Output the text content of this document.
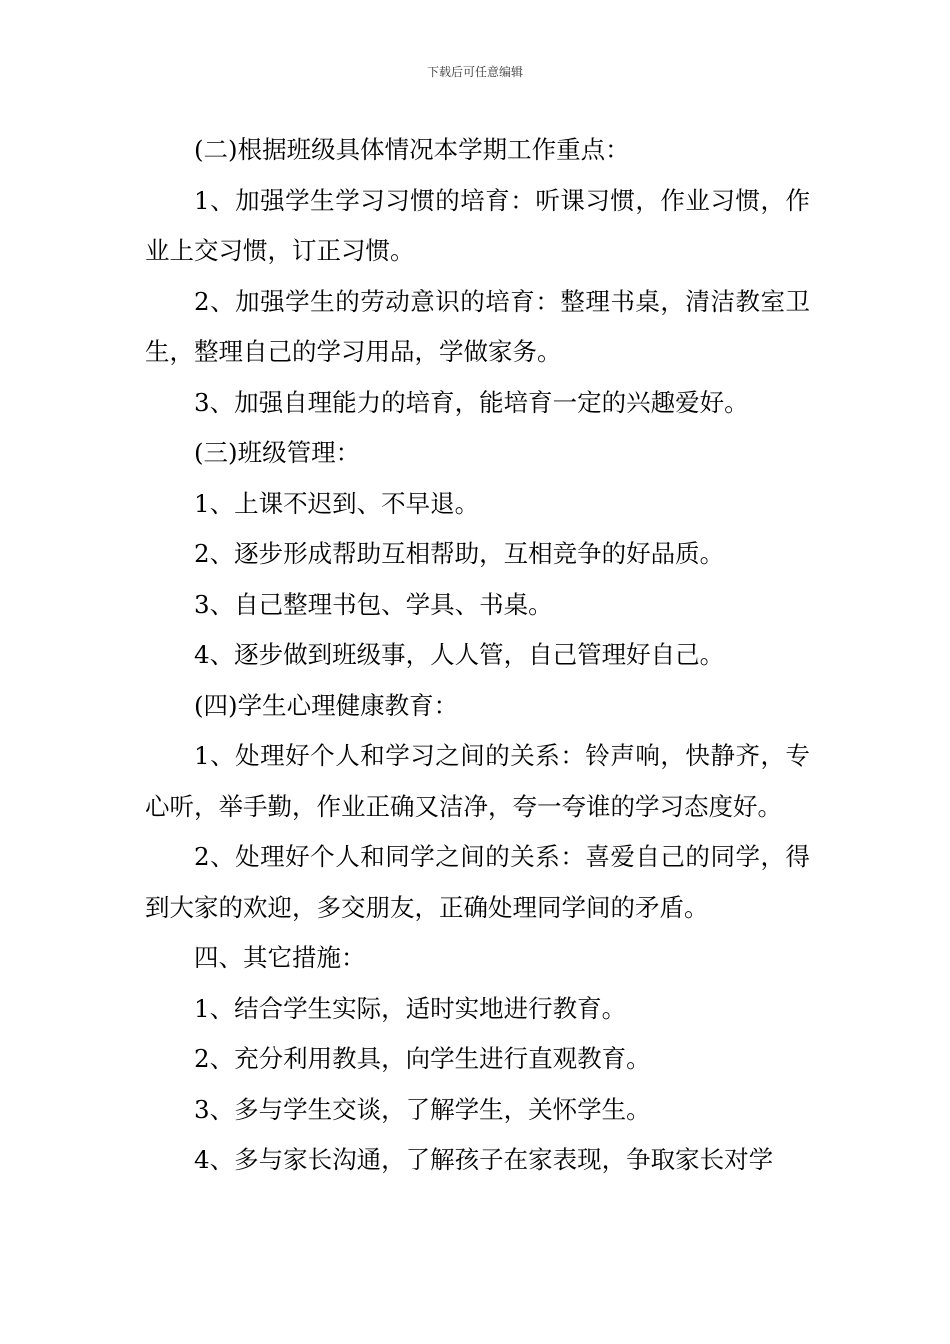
下载后可任意编辑

(二)根据班级具体情况本学期工作重点：

1、加强学生学习习惯的培育：听课习惯，作业习惯，作业上交习惯，订正习惯。

2、加强学生的劳动意识的培育：整理书桌，清洁教室卫生，整理自己的学习用品，学做家务。

3、加强自理能力的培育，能培育一定的兴趣爱好。

(三)班级管理：

1、上课不迟到、不早退。

2、逐步形成帮助互相帮助，互相竞争的好品质。

3、自己整理书包、学具、书桌。

4、逐步做到班级事，人人管，自己管理好自己。

(四)学生心理健康教育：

1、处理好个人和学习之间的关系：铃声响，快静齐，专心听，举手勤，作业正确又洁净，夸一夸谁的学习态度好。

2、处理好个人和同学之间的关系：喜爱自己的同学，得到大家的欢迎，多交朋友，正确处理同学间的矛盾。

四、其它措施：

1、结合学生实际，适时实地进行教育。

2、充分利用教具，向学生进行直观教育。

3、多与学生交谈，了解学生，关怀学生。

4、多与家长沟通，了解孩子在家表现，争取家长对学
